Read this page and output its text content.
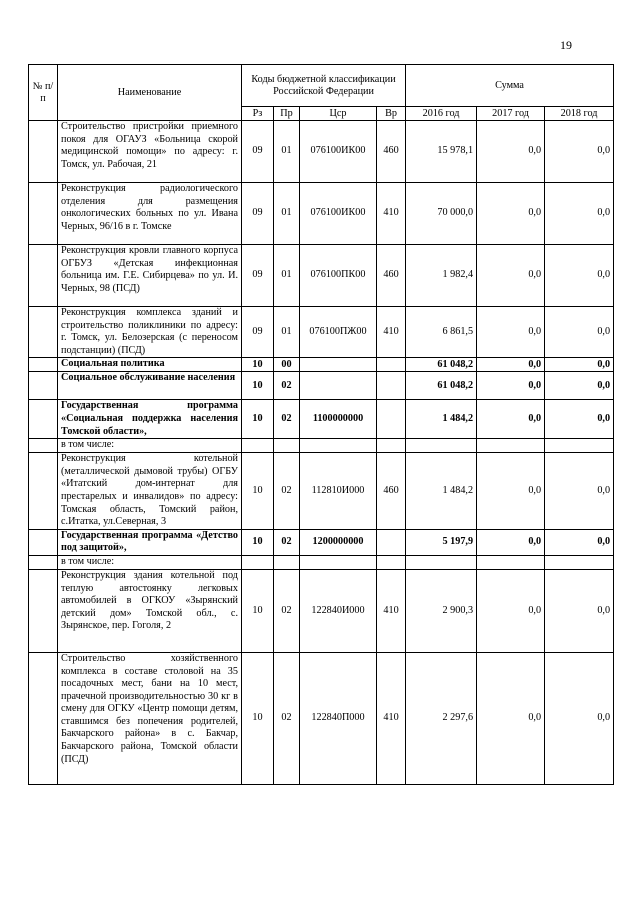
19
№ п/п	Наименование	Коды бюджетной классификации Российской Федерации				Сумма		
		Рз	Пр	Цср	Вр	2016 год	2017 год	2018 год
	Строительство пристройки приемного покоя для ОГАУЗ «Больница скорой медицинской помощи» по адресу: г. Томск, ул. Рабочая, 21	09	01	076100ИК00	460	15 978,1	0,0	0,0
	Реконструкция радиологического отделения для размещения онкологических больных по ул. Ивана Черных, 96/16 в г. Томске	09	01	076100ИК00	410	70 000,0	0,0	0,0
	Реконструкция кровли главного корпуса ОГБУЗ «Детская инфекционная больница им. Г.Е. Сибирцева» по ул. И. Черных, 98 (ПСД)	09	01	076100ПК00	460	1 982,4	0,0	0,0
	Реконструкция комплекса зданий и строительство поликлиники по адресу: г. Томск, ул. Белозерская (с переносом подстанции) (ПСД)	09	01	076100ПЖ00	410	6 861,5	0,0	0,0
	Социальная политика	10	00			61 048,2	0,0	0,0
	Социальное обслуживание населения	10	02			61 048,2	0,0	0,0
	Государственная программа «Социальная поддержка населения Томской области»,	10	02	1100000000		1 484,2	0,0	0,0
	в том числе:							
	Реконструкция котельной (металлической дымовой трубы) ОГБУ «Итатский дом-интернат для престарелых и инвалидов» по адресу: Томская область, Томский район, с.Итатка, ул.Северная, 3	10	02	112810И000	460	1 484,2	0,0	0,0
	Государственная программа «Детство под защитой»,	10	02	1200000000		5 197,9	0,0	0,0
	в том числе:							
	Реконструкция здания котельной под теплую автостоянку легковых автомобилей в ОГКОУ «Зырянский детский дом» Томской обл., с. Зырянское, пер. Гоголя, 2	10	02	122840И000	410	2 900,3	0,0	0,0
	Строительство хозяйственного комплекса в составе столовой на 35 посадочных мест, бани на 10 мест, прачечной производительностью 30 кг в смену для ОГКУ «Центр помощи детям, ставшимся без попечения родителей, Бакчарского района» в с. Бакчар, Бакчарского района, Томской области (ПСД)	10	02	122840П000	410	2 297,6	0,0	0,0
